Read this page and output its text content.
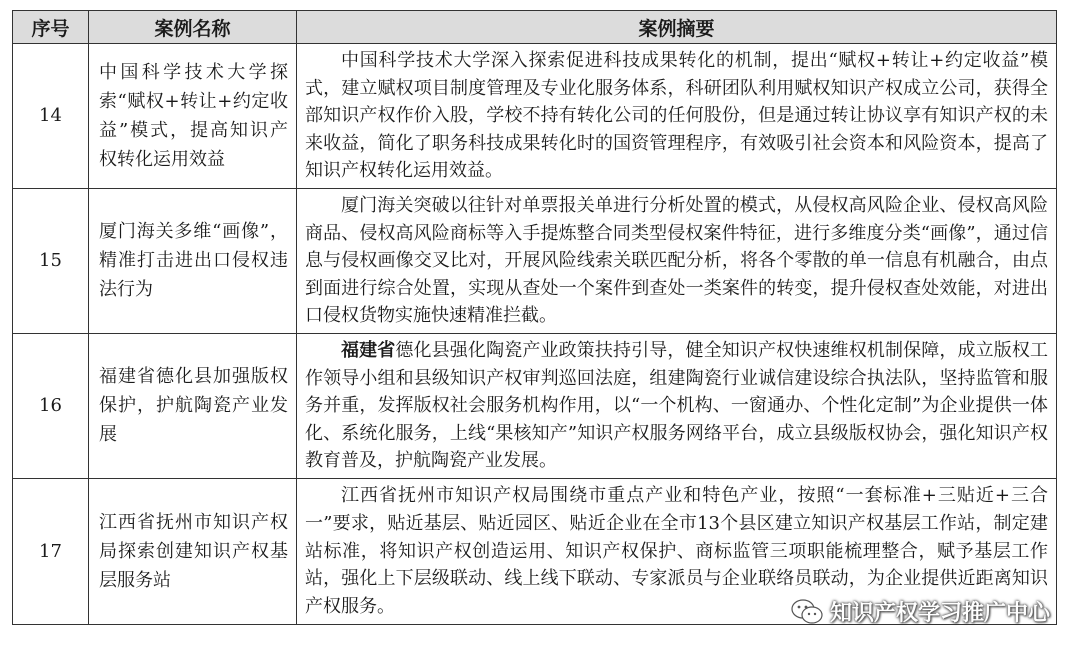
序号	案例名称	案例摘要
14	中国科学技术大学探索“赋权+转让+约定收益”模式，提高知识产权转化运用效益	中国科学技术大学深入探索促进科技成果转化的机制，提出“赋权+转让+约定收益”模式，建立赋权项目制度管理及专业化服务体系，科研团队利用赋权知识产权成立公司，获得全部知识产权作价入股，学校不持有转化公司的任何股份，但是通过转让协议享有知识产权的未来收益，简化了职务科技成果转化时的国资管理程序，有效吸引社会资本和风险资本，提高了知识产权转化运用效益。
15	厦门海关多维“画像”，精准打击进出口侵权违法行为	厦门海关突破以往针对单票报关单进行分析处置的模式，从侵权高风险企业、侵权高风险商品、侵权高风险商标等入手提炼整合同类型侵权案件特征，进行多维度分类“画像”，通过信息与侵权画像交叉比对，开展风险线索关联匹配分析，将各个零散的单一信息有机融合，由点到面进行综合处置，实现从查处一个案件到查处一类案件的转变，提升侵权查处效能，对进出口侵权货物实施快速精准拦截。
16	福建省德化县加强版权保护，护航陶瓷产业发展	福建省德化县强化陶瓷产业政策扶持引导，健全知识产权快速维权机制保障，成立版权工作领导小组和县级知识产权审判巡回法庭，组建陶瓷行业诚信建设综合执法队，坚持监管和服务并重，发挥版权社会服务机构作用，以“一个机构、一窗通办、个性化定制”为企业提供一体化、系统化服务，上线“果核知产”知识产权服务网络平台，成立县级版权协会，强化知识产权教育普及，护航陶瓷产业发展。
17	江西省抚州市知识产权局探索创建知识产权基层服务站	江西省抚州市知识产权局围绕市重点产业和特色产业，按照“一套标准+三贴近+三合一”要求，贴近基层、贴近园区、贴近企业在全市13个县区建立知识产权基层工作站，制定建站标准，将知识产权创造运用、知识产权保护、商标监管三项职能梳理整合，赋予基层工作站，强化上下层级联动、线上线下联动、专家派员与企业联络员联动，为企业提供近距离知识产权服务。	知识产权学习推广中心
